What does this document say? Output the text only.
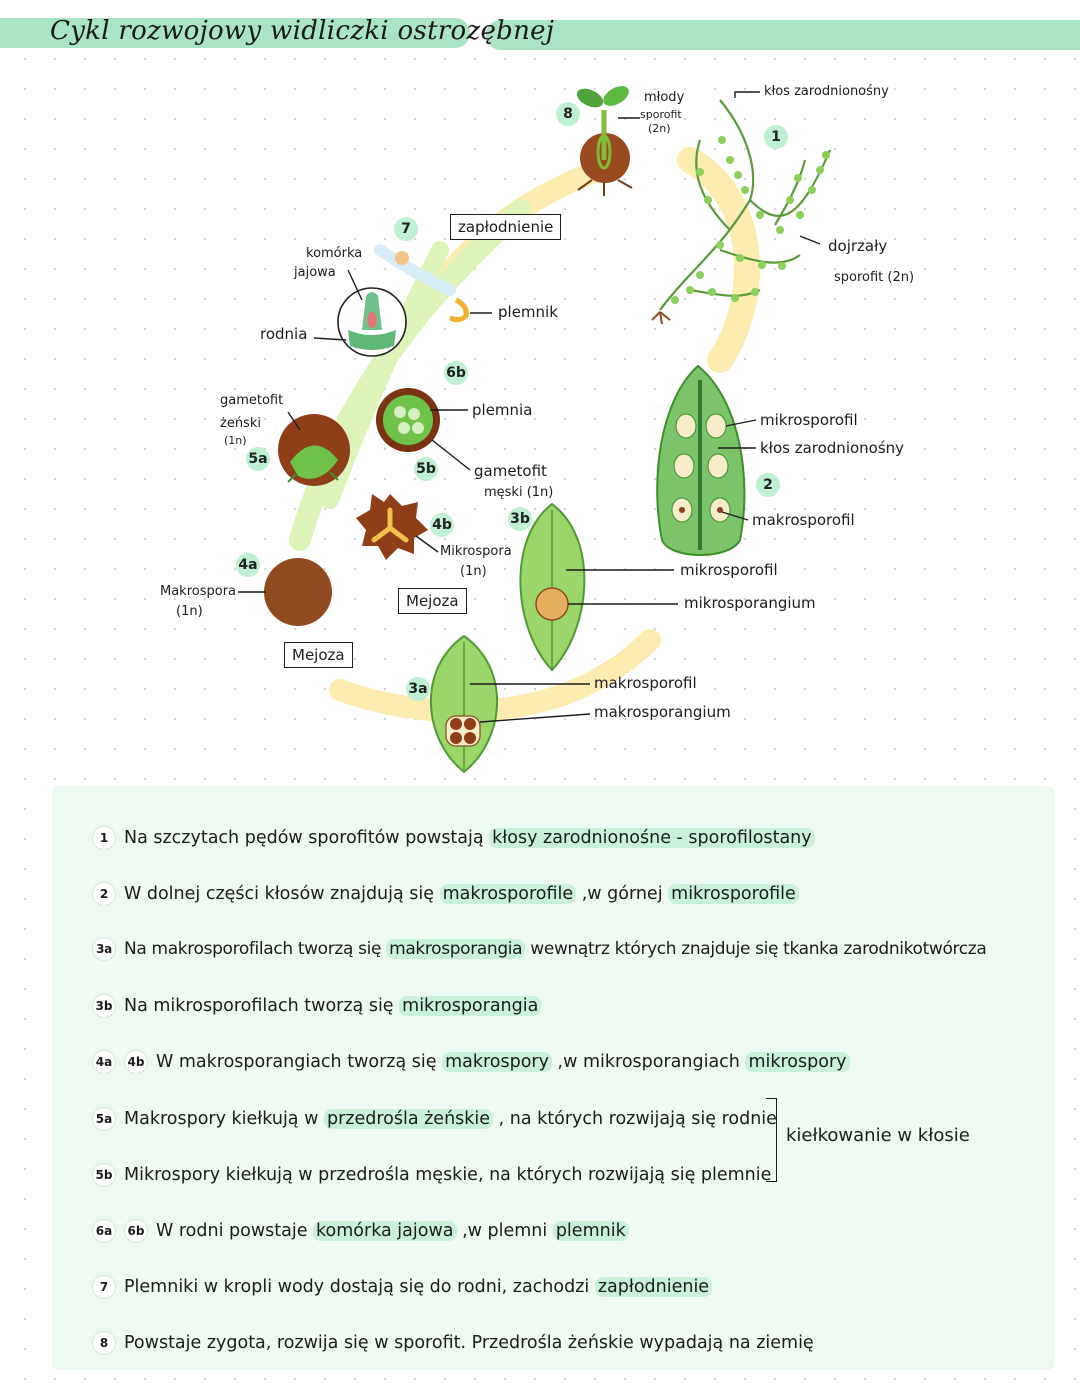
Cykl rozwojowy widliczki ostrozębnej
8
1
7
6b
5a
5b
4a
4b	3b
2
3a
młody
sporofit
(2n)
kłos zarodnionośny
dojrzały
sporofit (2n)
zapłodnienie
komórka
jajowa
plemnik
rodnia
plemnia
gametofit
żeński
(1n)
gametofit
męski (1n)
Mikrospora
(1n)
Mejoza
Mejoza
Makrospora
(1n)
mikrosporofil
kłos zarodnionośny
makrosporofil
mikrosporofil
mikrosporangium
makrosporofil
makrosporangium
1 Na szczytach pędów sporofitów powstają kłosy zarodnionośne - sporofilostany
2 W dolnej części kłosów znajdują się makrosporofile ,w górnej mikrosporofile
3a Na makrosporofilach tworzą się makrosporangia wewnątrz których znajduje się tkanka zarodnikotwórcza
3b Na mikrosporofilach tworzą się mikrosporangia
4a 4b W makrosporangiach tworzą się makrospory ,w mikrosporangiach mikrospory
5a Makrospory kiełkują w przedrośla żeńskie , na których rozwijają się rodnie
5b Mikrospory kiełkują w przedrośla męskie, na których rozwijają się plemnie
kiełkowanie w kłosie
6a 6b W rodni powstaje komórka jajowa ,w plemni plemnik
7 Plemniki w kropli wody dostają się do rodni, zachodzi zapłodnienie
8 Powstaje zygota, rozwija się w sporofit. Przedrośla żeńskie wypadają na ziemię
